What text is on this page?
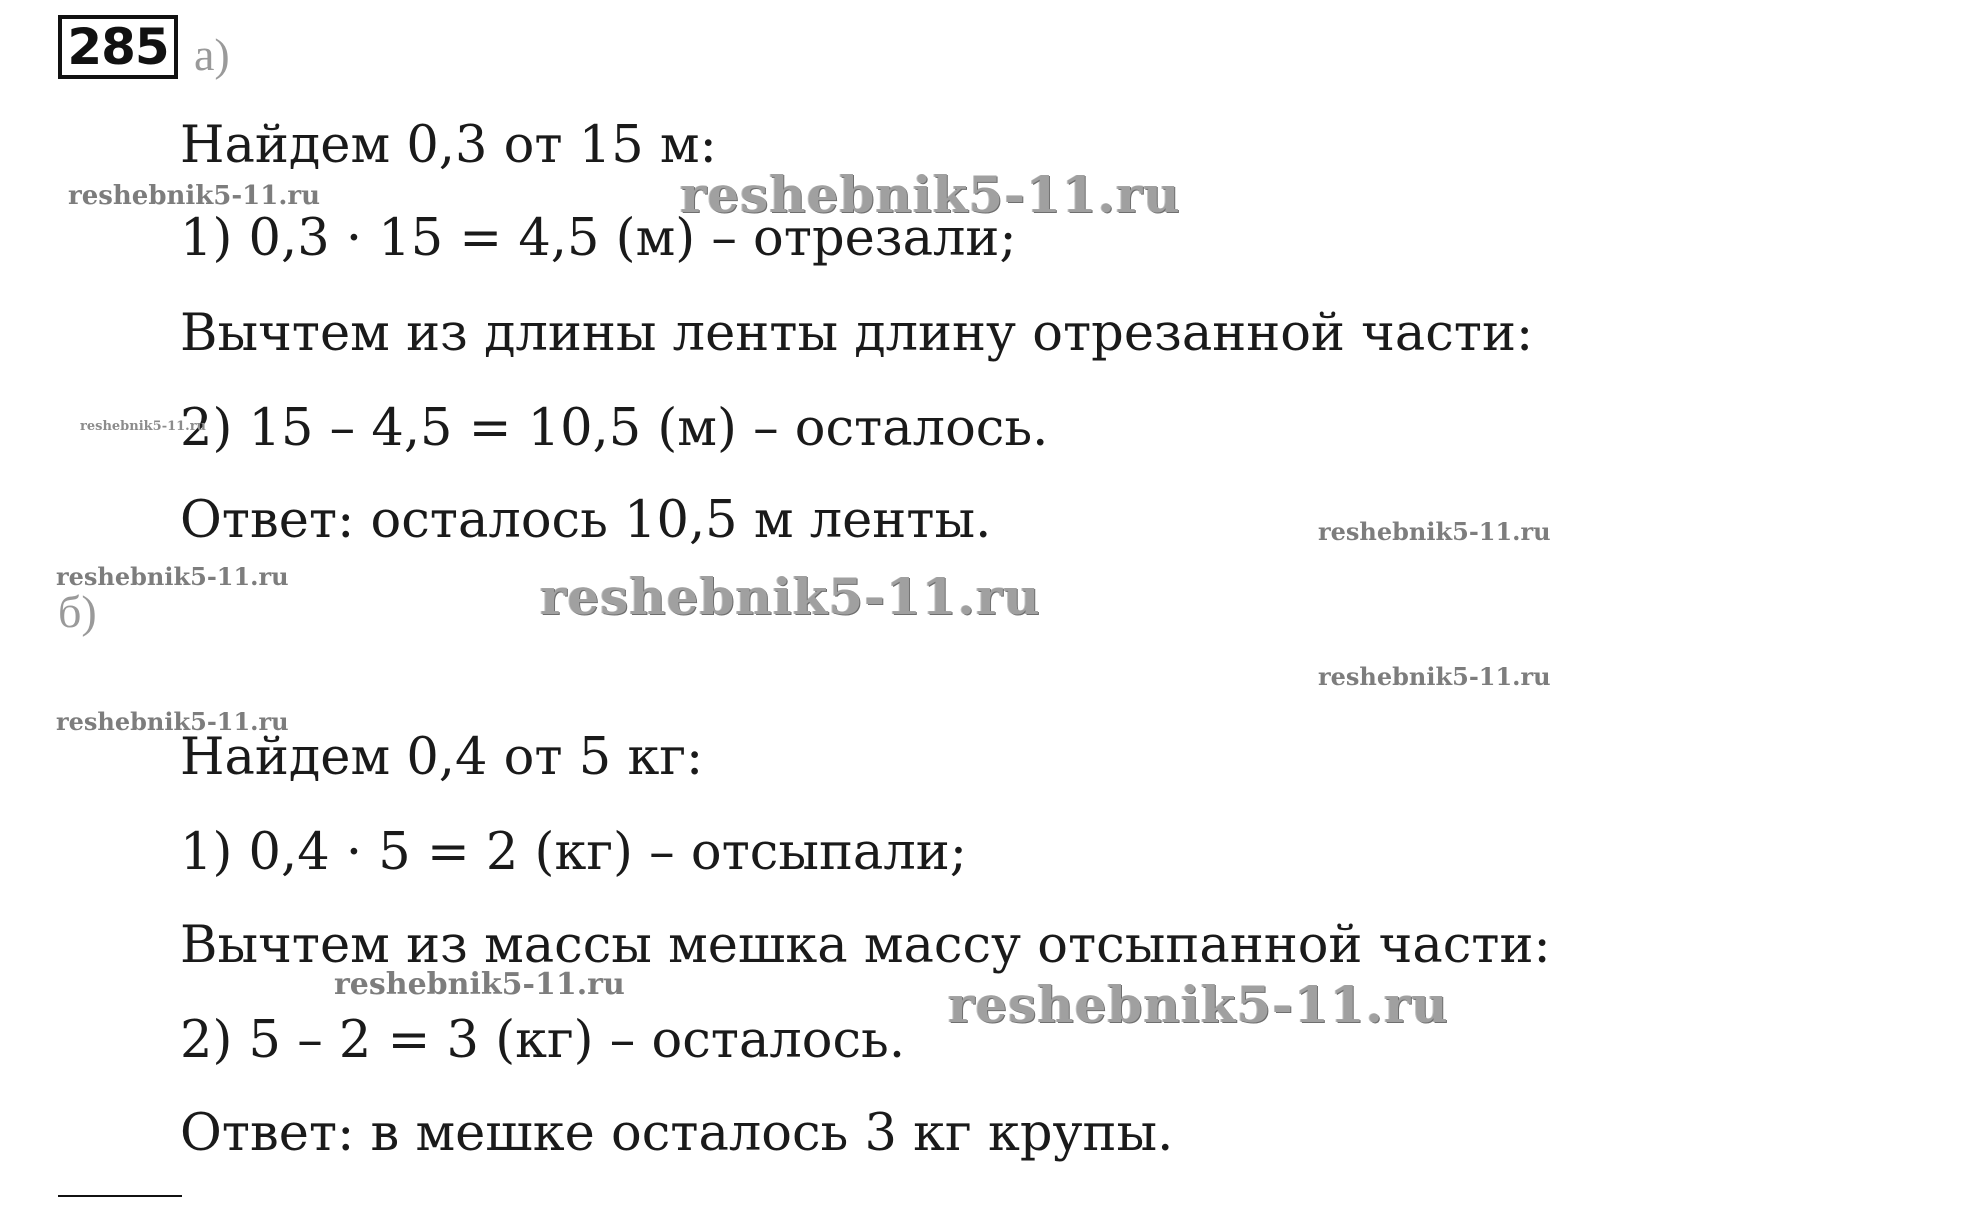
285 а)
Найдем 0,3 от 15 м:
1) 0,3 · 15 = 4,5 (м) – отрезали;
Вычтем из длины ленты длину отрезанной части:
2) 15 – 4,5 = 10,5 (м) – осталось.
Ответ: осталось 10,5 м ленты.
б)
Найдем 0,4 от 5 кг:
1) 0,4 · 5 = 2 (кг) – отсыпали;
Вычтем из массы мешка массу отсыпанной части:
2) 5 – 2 = 3 (кг) – осталось.
Ответ: в мешке осталось 3 кг крупы.
reshebnik5-11.ru	reshebnik5-11.ru
reshebnik5-11.ru
reshebnik5-11.ru
reshebnik5-11.ru	reshebnik5-11.ru
reshebnik5-11.ru
reshebnik5-11.ru
reshebnik5-11.ru	reshebnik5-11.ru
